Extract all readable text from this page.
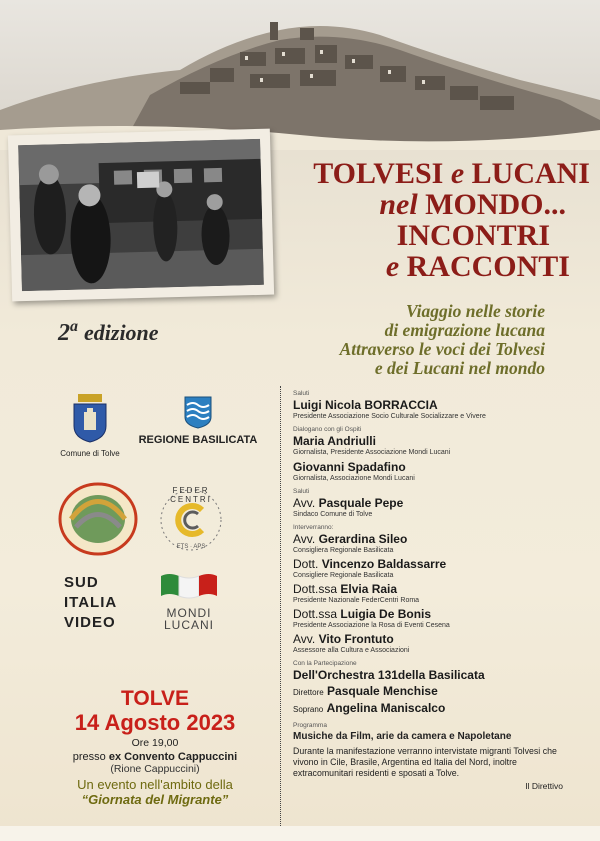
TOLVESI e LUCANI
nel MONDO...
INCONTRI
e RACCONTI
Viaggio nelle storie
di emigrazione lucana
Attraverso le voci dei Tolvesi
e dei Lucani nel mondo
2$^a$ edizione
Comune di Tolve
REGIONE BASILICATA
FEDER CENTRI
ETS · APS
SUD
ITALIA
VIDEO
MONDI
LUCANI
TOLVE
14 Agosto 2023
Ore 19,00
presso ex Convento Cappuccini
(Rione Cappuccini)
Un evento nell'ambito della
“Giornata del Migrante”
Saluti
Luigi Nicola BORRACCIA
Presidente Associazione Socio Culturale Socializzare e Vivere
Dialogano con gli Ospiti
Maria Andriulli
Giornalista, Presidente Associazione Mondi Lucani
Giovanni Spadafino
Giornalista, Associazione Mondi Lucani
Saluti
Avv. Pasquale Pepe
Sindaco Comune di Tolve
Interverranno:
Avv. Gerardina Sileo
Consigliera Regionale Basilicata
Dott. Vincenzo Baldassarre
Consigliere Regionale Basilicata
Dott.ssa Elvia Raia
Presidente Nazionale FederCentri Roma
Dott.ssa Luigia De Bonis
Presidente Associazione la Rosa di Eventi Cesena
Avv. Vito Frontuto
Assessore alla Cultura e Associazioni
Con la Partecipazione
Dell'Orchestra 131della Basilicata
Direttore Pasquale Menchise
Soprano Angelina Maniscalco
Programma
Musiche da Film, arie da camera e Napoletane
Durante la manifestazione verranno intervistate migranti Tolvesi che vivono in Cile, Brasile, Argentina ed Italia del Nord, inoltre extracomunitari residenti e sposati a Tolve.
Il Direttivo
